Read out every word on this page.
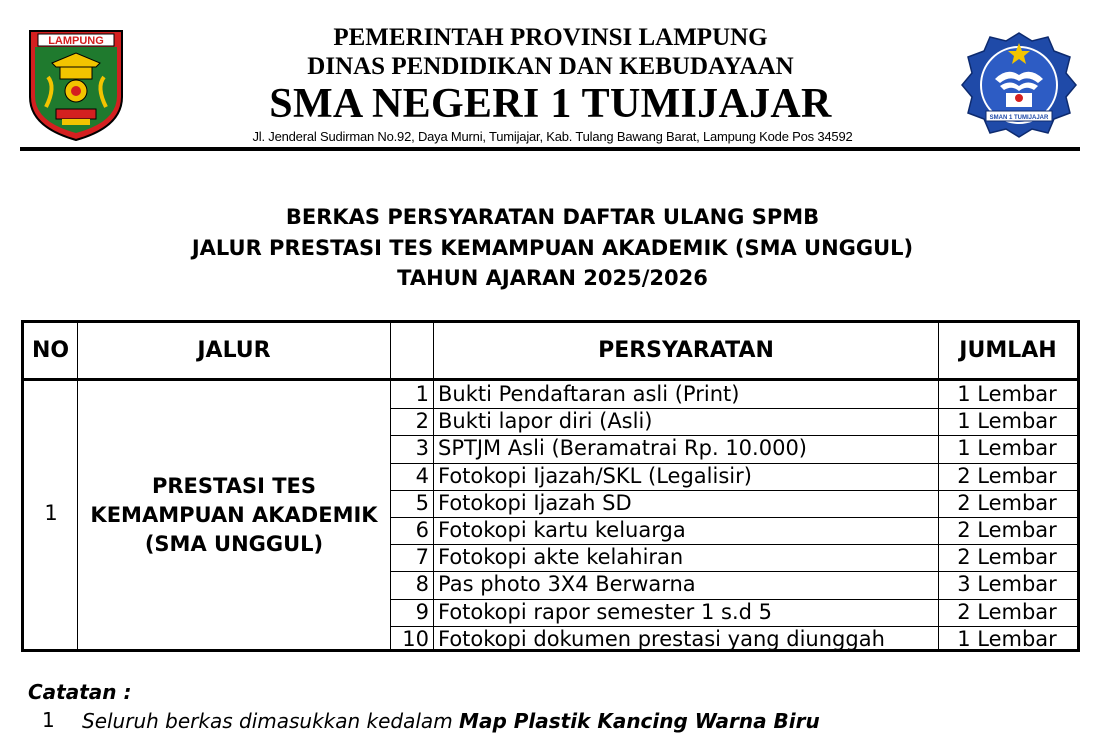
LAMPUNG	PEMERINTAH PROVINSI LAMPUNG
DINAS PENDIDIKAN DAN KEBUDAYAAN
SMA NEGERI 1 TUMIJAJAR
Jl. Jenderal Sudirman No.92, Daya Murni, Tumijajar, Kab. Tulang Bawang Barat, Lampung Kode Pos 34592
SMAN 1 TUMIJAJAR
BERKAS PERSYARATAN DAFTAR ULANG SPMB
JALUR PRESTASI TES KEMAMPUAN AKADEMIK (SMA UNGGUL)
TAHUN AJARAN 2025/2026
NO	JALUR	PERSYARATAN	JUMLAH
1
PRESTASI TES
KEMAMPUAN AKADEMIK
(SMA UNGGUL)
1 Bukti Pendaftaran asli (Print)	1 Lembar
2 Bukti lapor diri (Asli)	1 Lembar
3 SPTJM Asli (Beramatrai Rp. 10.000)	1 Lembar
4 Fotokopi Ijazah/SKL (Legalisir)	2 Lembar
5 Fotokopi Ijazah SD	2 Lembar
6 Fotokopi kartu keluarga	2 Lembar
7 Fotokopi akte kelahiran	2 Lembar
8 Pas photo 3X4 Berwarna	3 Lembar
9 Fotokopi rapor semester 1 s.d 5	2 Lembar
10 Fotokopi dokumen prestasi yang diunggah	1 Lembar
Catatan :
1 Seluruh berkas dimasukkan kedalam Map Plastik Kancing Warna Biru
